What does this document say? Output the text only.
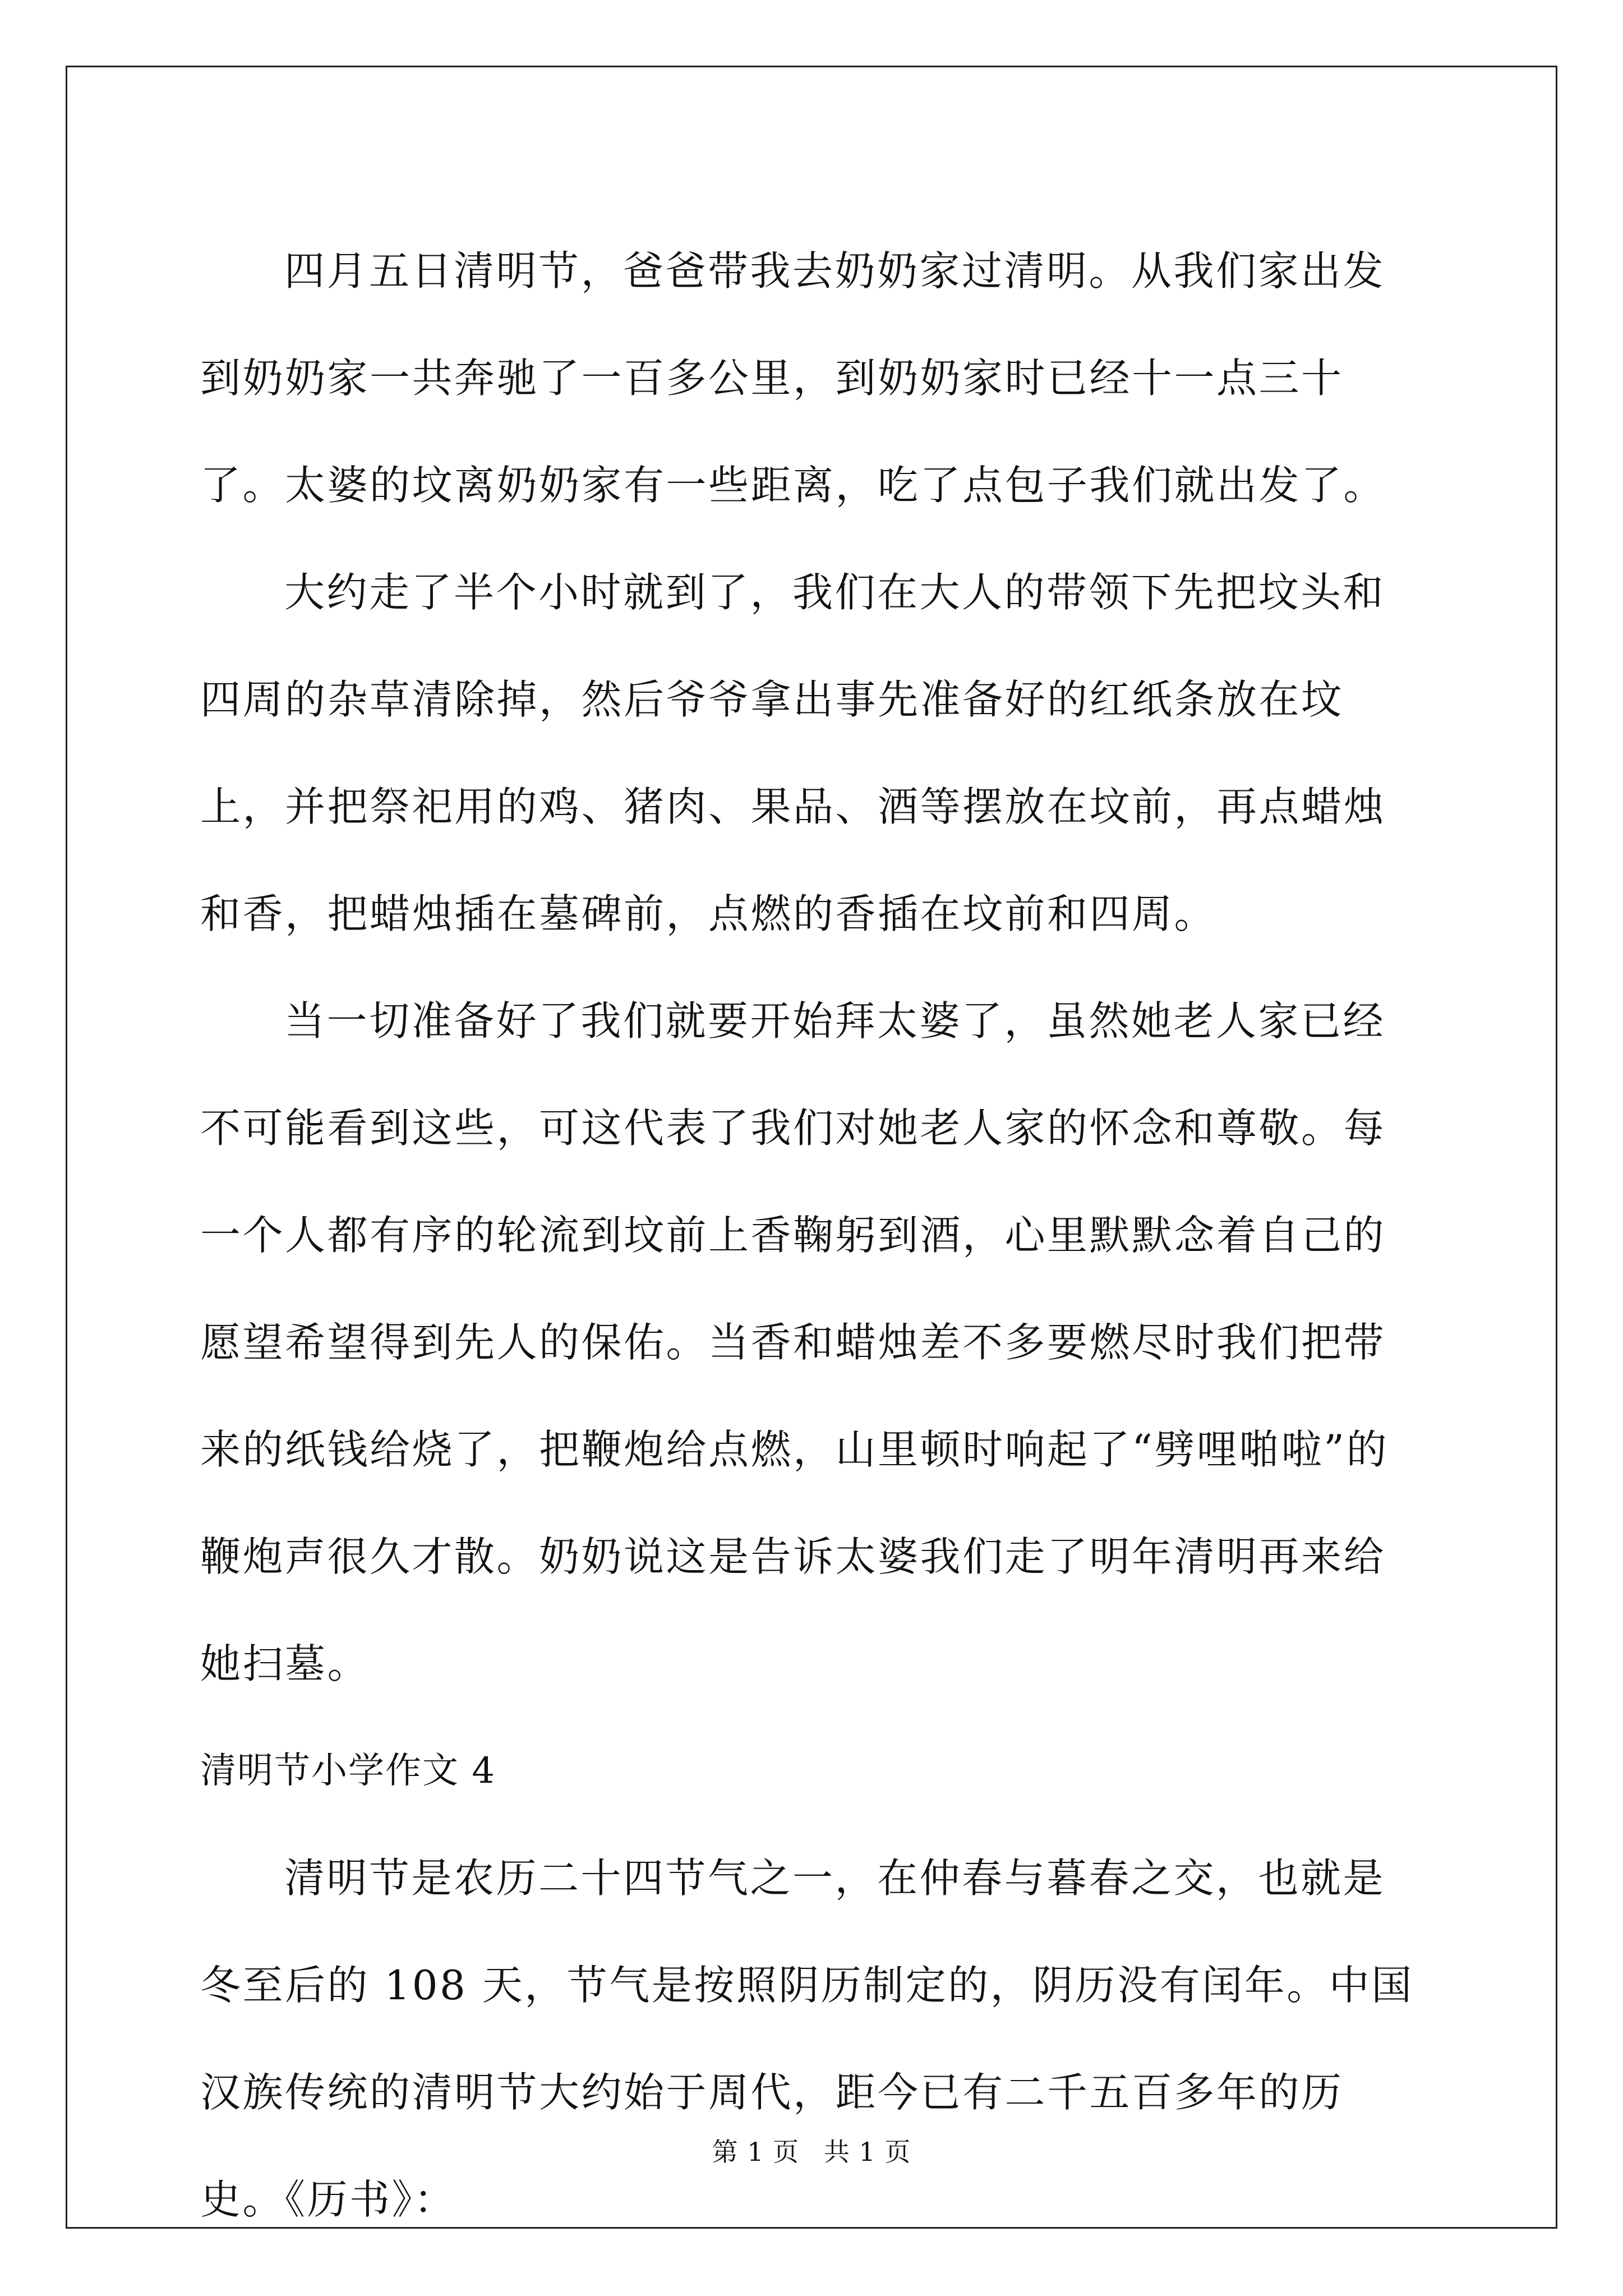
四月五日清明节，爸爸带我去奶奶家过清明。从我们家出发到奶奶家一共奔驰了一百多公里，到奶奶家时已经十一点三十了。太婆的坟离奶奶家有一些距离，吃了点包子我们就出发了。

大约走了半个小时就到了，我们在大人的带领下先把坟头和四周的杂草清除掉，然后爷爷拿出事先准备好的红纸条放在坟上，并把祭祀用的鸡、猪肉、果品、酒等摆放在坟前，再点蜡烛和香，把蜡烛插在墓碑前，点燃的香插在坟前和四周。

当一切准备好了我们就要开始拜太婆了，虽然她老人家已经不可能看到这些，可这代表了我们对她老人家的怀念和尊敬。每一个人都有序的轮流到坟前上香鞠躬到酒，心里默默念着自己的愿望希望得到先人的保佑。当香和蜡烛差不多要燃尽时我们把带来的纸钱给烧了，把鞭炮给点燃，山里顿时响起了“劈哩啪啦”的鞭炮声很久才散。奶奶说这是告诉太婆我们走了明年清明再来给她扫墓。

清明节小学作文 4

清明节是农历二十四节气之一，在仲春与暮春之交，也就是冬至后的 108 天，节气是按照阴历制定的，阴历没有闰年。中国汉族传统的清明节大约始于周代，距今已有二千五百多年的历史。《历书》：

第 1 页 共 1 页
